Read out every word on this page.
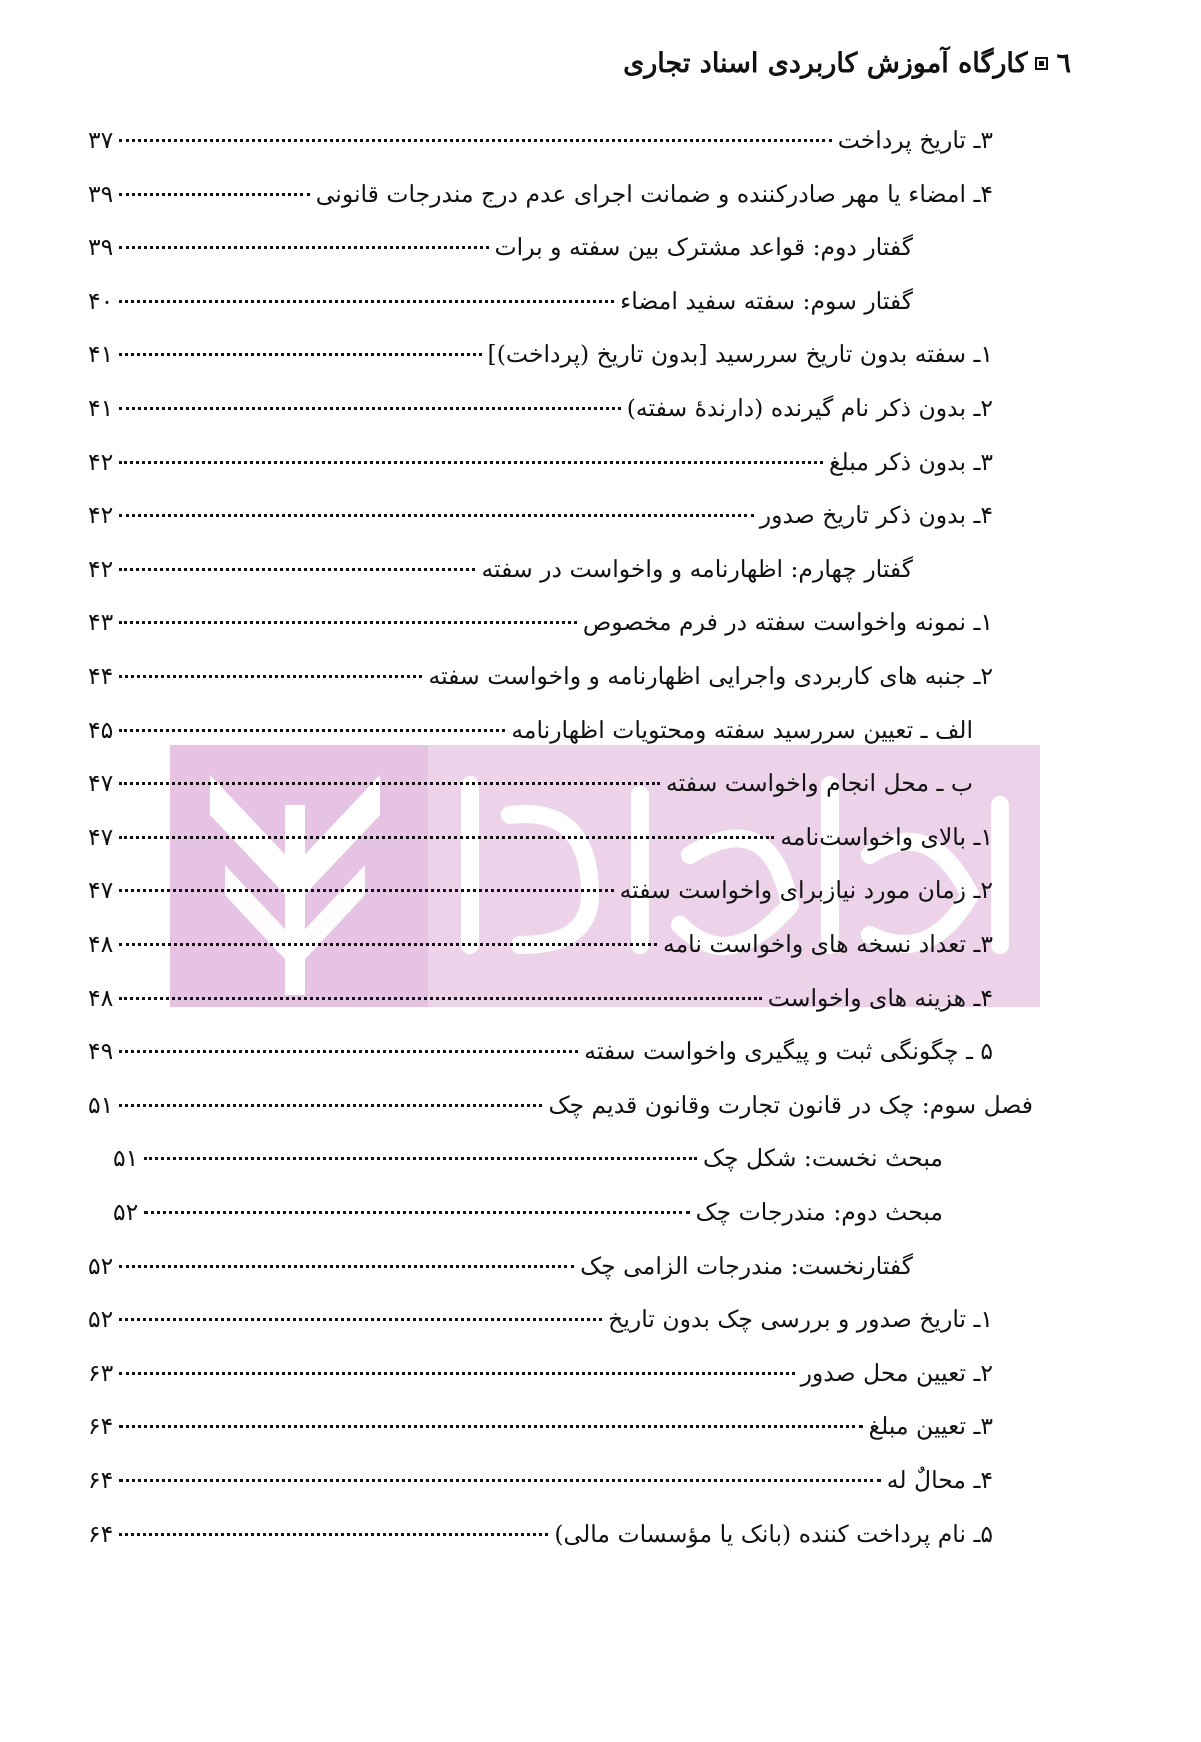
٦
کارگاه آموزش کاربردی اسناد تجاری
۳۷	۳ـ تاریخ پرداخت
۳۹	۴ـ امضاء یا مهر صادرکننده و ضمانت اجرای عدم درج مندرجات قانونی
۳۹	گفتار دوم: قواعد مشترک بین سفته و برات
۴۰	گفتار سوم: سفته سفید امضاء
۴۱	۱ـ سفته بدون تاریخ سررسید [بدون تاریخ (پرداخت)]
۴۱	۲ـ بدون ذکر نام گیرنده (دارندهٔ سفته)
۴۲	۳ـ بدون ذکر مبلغ
۴۲	۴ـ بدون ذکر تاریخ صدور
۴۲	گفتار چهارم: اظهارنامه و واخواست در سفته
۴۳	۱ـ نمونه واخواست سفته در فرم مخصوص
۴۴	۲ـ جنبه های کاربردی واجرایی اظهارنامه و واخواست سفته
۴۵	الف ـ تعیین سررسید سفته ومحتویات اظهارنامه
۴۷	ب ـ محل انجام واخواست سفته
۴۷	۱ـ بالای واخواست‌نامه
۴۷	۲ـ زمان مورد نیازبرای واخواست سفته
۴۸	۳ـ تعداد نسخه های واخواست نامه
۴۸	۴ـ هزینه های واخواست
۴۹	۵ ـ چگونگی ثبت و پیگیری واخواست سفته
۵۱	فصل سوم: چک در قانون تجارت وقانون قدیم چک
۵۱	مبحث نخست: شکل چک
۵۲	مبحث دوم: مندرجات چک
۵۲	گفتارنخست: مندرجات الزامی چک
۵۲	۱ـ تاریخ صدور و بررسی چک بدون تاریخ
۶۳	۲ـ تعیین محل صدور
۶۴	۳ـ تعیین مبلغ
۶۴	۴ـ محالٌ له
۶۴	۵ـ نام پرداخت کننده (بانک یا مؤسسات مالی)
